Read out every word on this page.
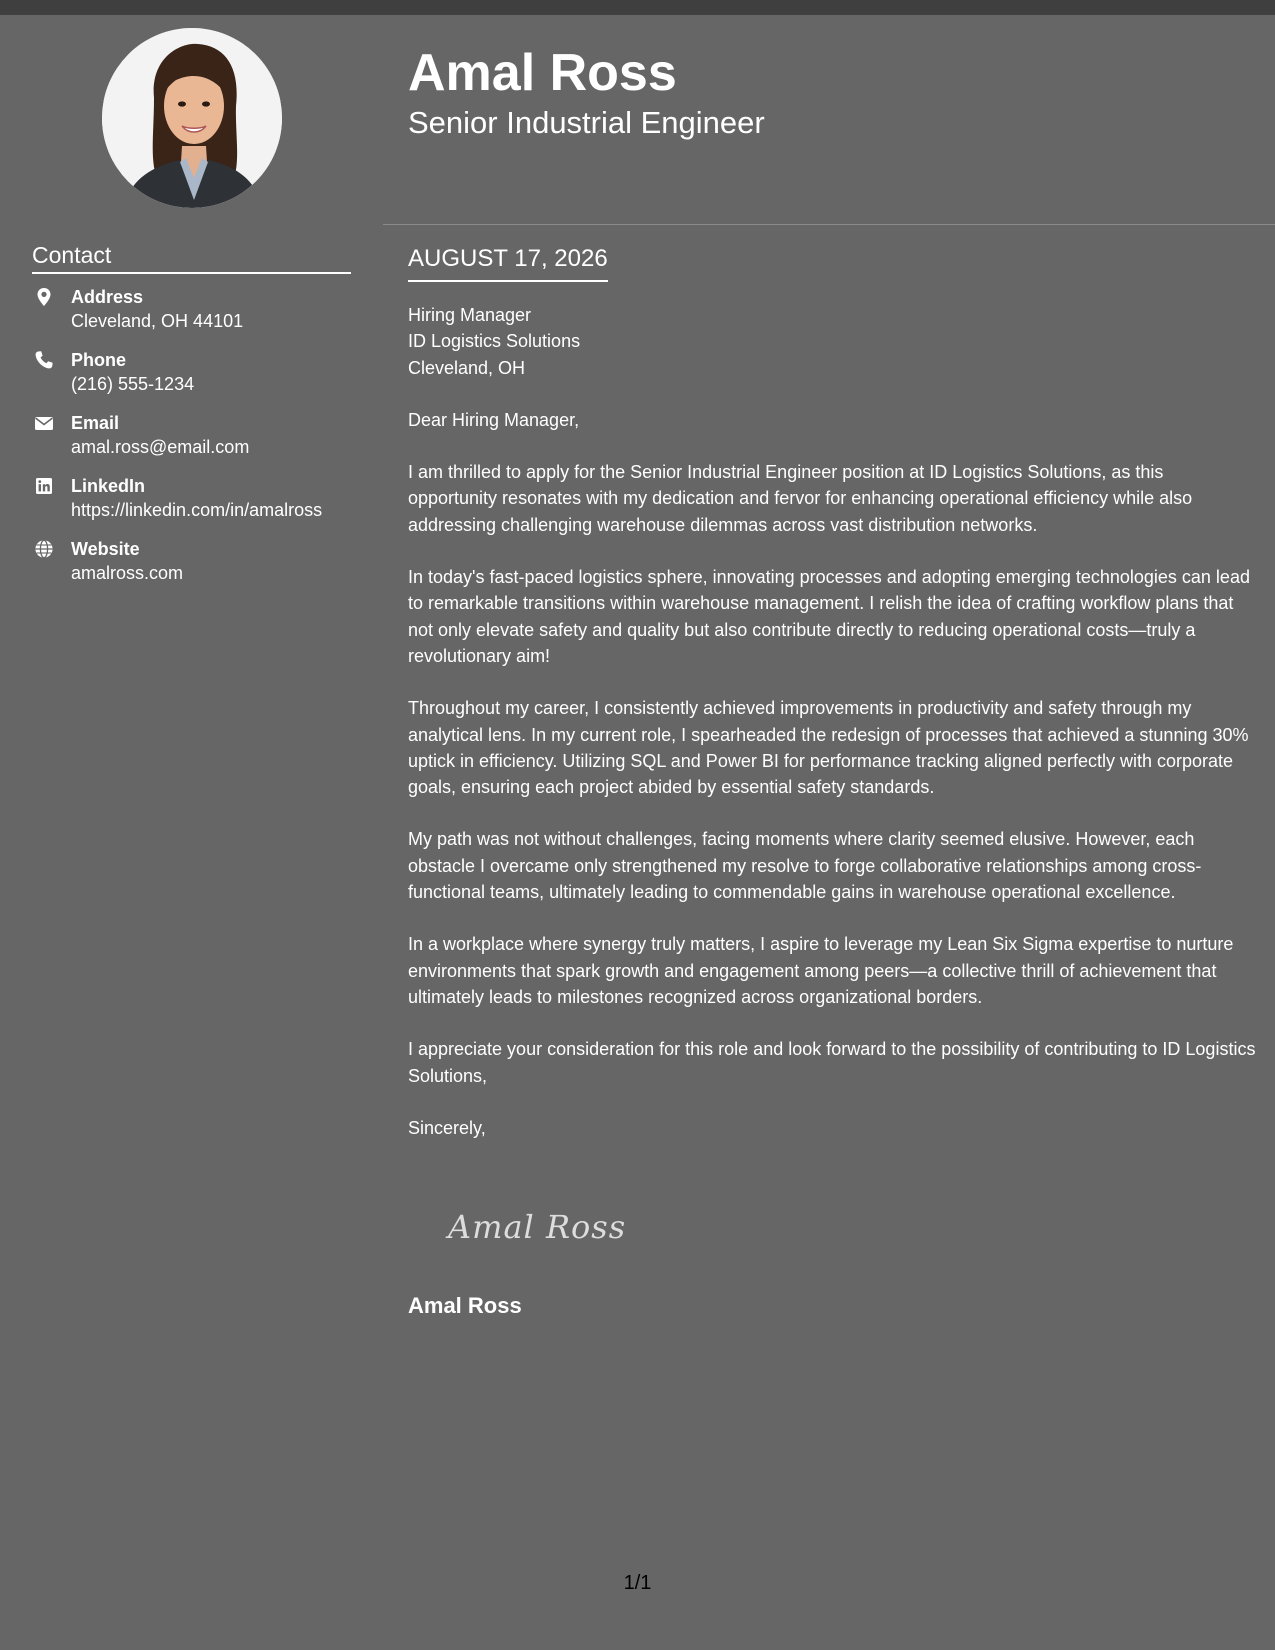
Contact
Address
Cleveland, OH 44101
Phone
(216) 555-1234
Email
amal.ross@email.com
LinkedIn
https://linkedin.com/in/amalross
Website
amalross.com
Amal Ross
Senior Industrial Engineer
AUGUST 17, 2026
Hiring Manager
ID Logistics Solutions
Cleveland, OH

Dear Hiring Manager,

I am thrilled to apply for the Senior Industrial Engineer position at ID Logistics Solutions, as this opportunity resonates with my dedication and fervor for enhancing operational efficiency while also addressing challenging warehouse dilemmas across vast distribution networks.

In today's fast-paced logistics sphere, innovating processes and adopting emerging technologies can lead to remarkable transitions within warehouse management. I relish the idea of crafting workflow plans that not only elevate safety and quality but also contribute directly to reducing operational costs—truly a revolutionary aim!

Throughout my career, I consistently achieved improvements in productivity and safety through my analytical lens. In my current role, I spearheaded the redesign of processes that achieved a stunning 30% uptick in efficiency. Utilizing SQL and Power BI for performance tracking aligned perfectly with corporate goals, ensuring each project abided by essential safety standards.

My path was not without challenges, facing moments where clarity seemed elusive. However, each obstacle I overcame only strengthened my resolve to forge collaborative relationships among cross-functional teams, ultimately leading to commendable gains in warehouse operational excellence.

In a workplace where synergy truly matters, I aspire to leverage my Lean Six Sigma expertise to nurture environments that spark growth and engagement among peers—a collective thrill of achievement that ultimately leads to milestones recognized across organizational borders.

I appreciate your consideration for this role and look forward to the possibility of contributing to ID Logistics Solutions,

Sincerely,

Amal Ross
Amal Ross
1/1
